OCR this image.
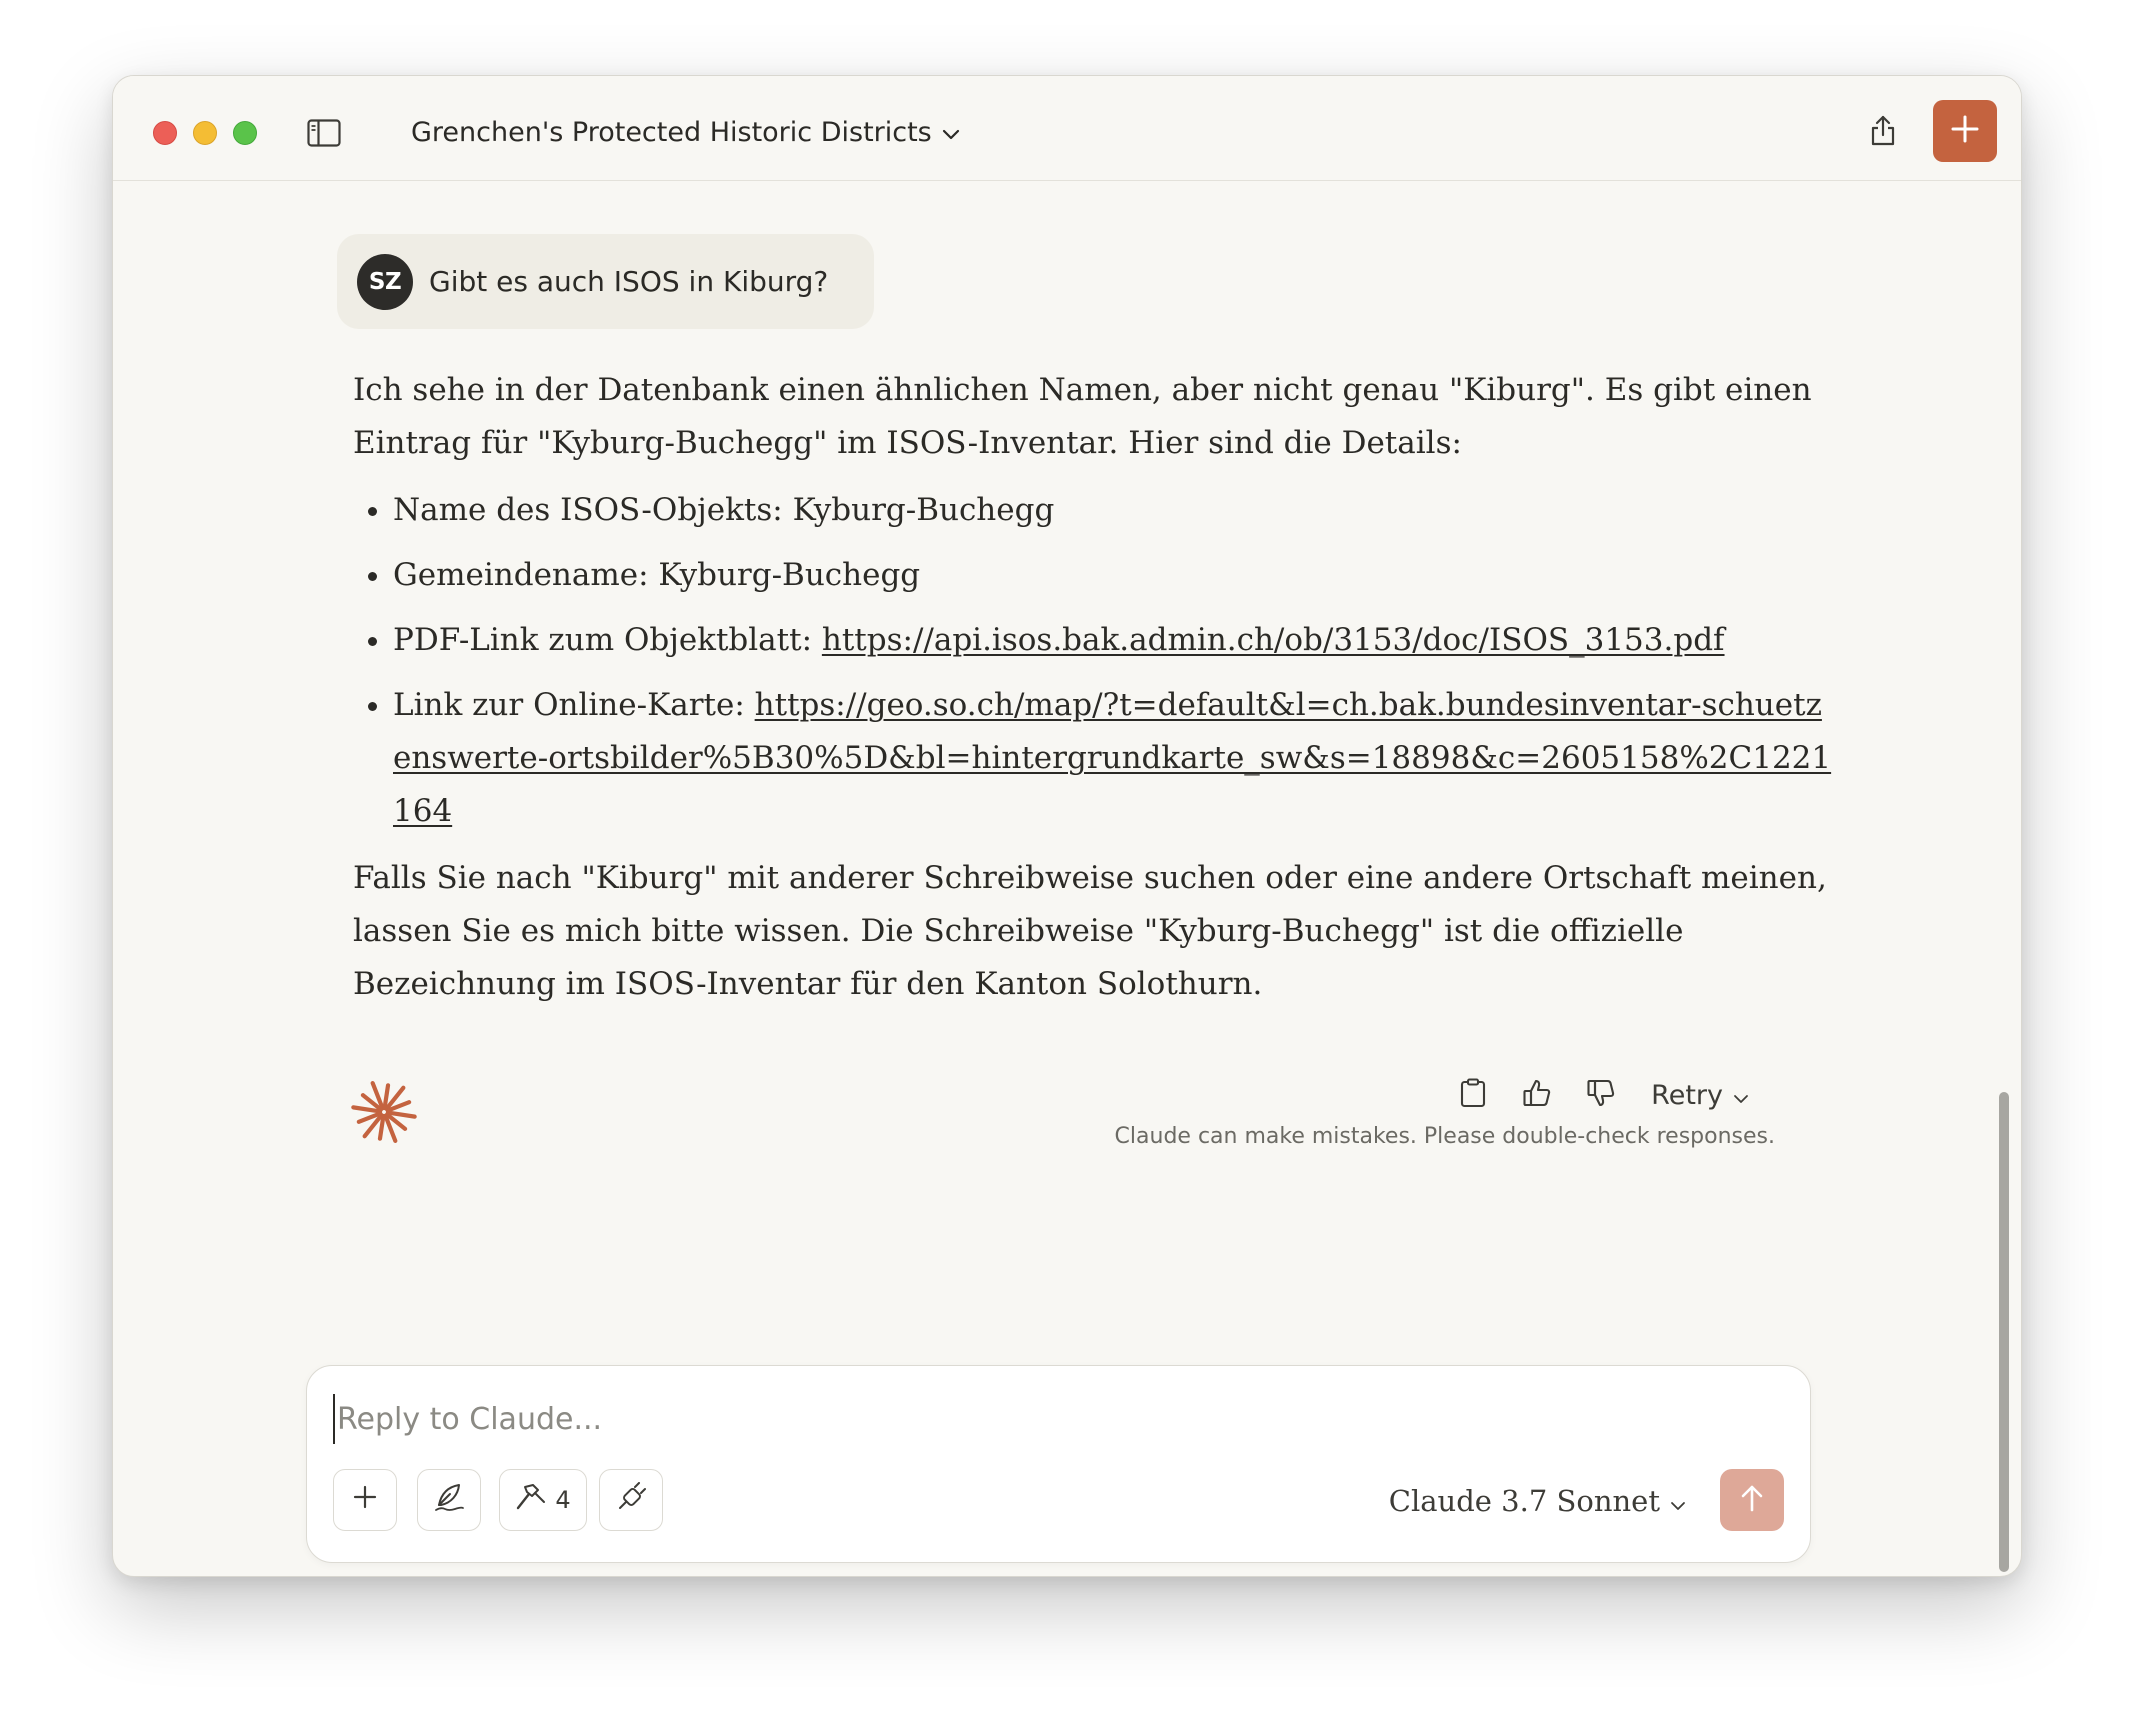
Grenchen's Protected Historic Districts
SZ Gibt es auch ISOS in Kiburg?

Ich sehe in der Datenbank einen ähnlichen Namen, aber nicht genau "Kiburg". Es gibt einen Eintrag für "Kyburg-Buchegg" im ISOS-Inventar. Hier sind die Details:

• Name des ISOS-Objekts: Kyburg-Buchegg
• Gemeindename: Kyburg-Buchegg
• PDF-Link zum Objektblatt: https://api.isos.bak.admin.ch/ob/3153/doc/ISOS_3153.pdf
• Link zur Online-Karte: https://geo.so.ch/map/?t=default&l=ch.bak.bundesinventar-schuetzenswerte-ortsbilder%5B30%5D&bl=hintergrundkarte_sw&s=18898&c=2605158%2C1221164

Falls Sie nach "Kiburg" mit anderer Schreibweise suchen oder eine andere Ortschaft meinen, lassen Sie es mich bitte wissen. Die Schreibweise "Kyburg-Buchegg" ist die offizielle Bezeichnung im ISOS-Inventar für den Kanton Solothurn.

Retry
Claude can make mistakes. Please double-check responses.
Reply to Claude...
4	Claude 3.7 Sonnet
